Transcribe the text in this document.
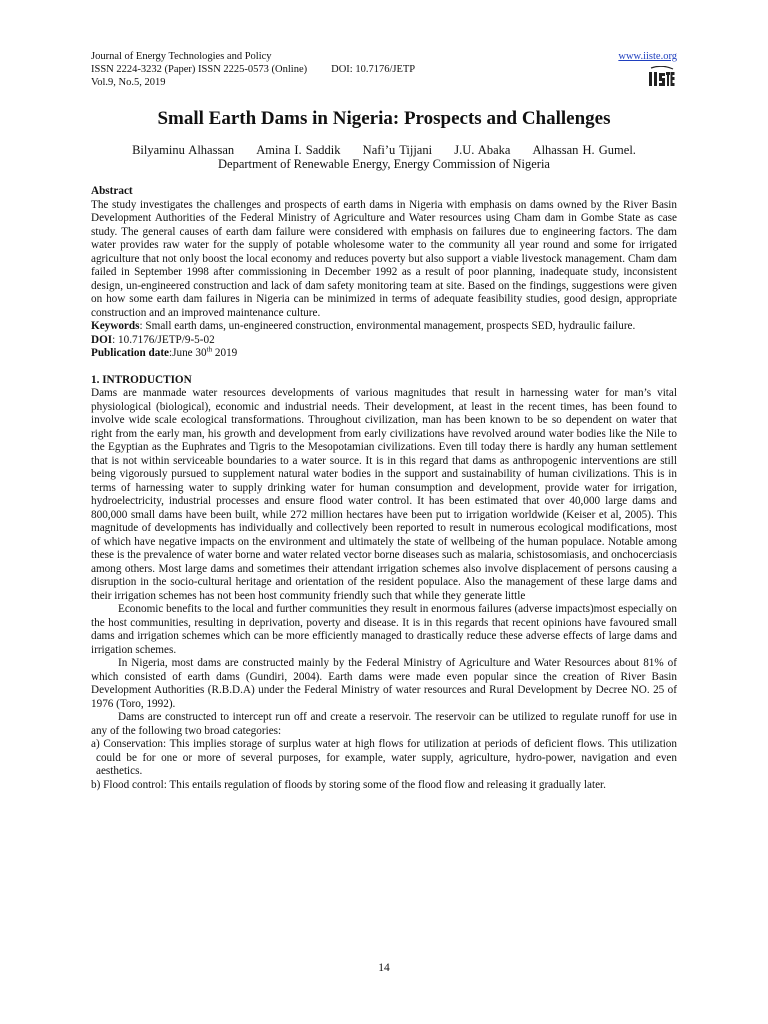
Journal of Energy Technologies and Policy
ISSN 2224-3232 (Paper) ISSN 2225-0573 (Online) DOI: 10.7176/JETP
Vol.9, No.5, 2019
www.iiste.org
Small Earth Dams in Nigeria: Prospects and Challenges
Bilyaminu Alhassan Amina I. Saddik Nafi’u Tijjani J.U. Abaka Alhassan H. Gumel.
Department of Renewable Energy, Energy Commission of Nigeria

Abstract

The study investigates the challenges and prospects of earth dams in Nigeria with emphasis on dams owned by the River Basin Development Authorities of the Federal Ministry of Agriculture and Water resources using Cham dam in Gombe State as case study. The general causes of earth dam failure were considered with emphasis on failures due to engineering factors. The dam water provides raw water for the supply of potable wholesome water to the community all year round and some for irrigated agriculture that not only boost the local economy and reduces poverty but also support a viable livestock management. Cham dam failed in September 1998 after commissioning in December 1992 as a result of poor planning, inadequate study, inconsistent design, un-engineered construction and lack of dam safety monitoring team at site. Based on the findings, suggestions were given on how some earth dam failures in Nigeria can be minimized in terms of adequate feasibility studies, good design, appropriate construction and an improved maintenance culture.

Keywords: Small earth dams, un-engineered construction, environmental management, prospects SED, hydraulic failure.

DOI: 10.7176/JETP/9-5-02

Publication date:June 30th 2019

1. INTRODUCTION

Dams are manmade water resources developments of various magnitudes that result in harnessing water for man’s vital physiological (biological), economic and industrial needs. Their development, at least in the recent times, has been found to involve wide scale ecological transformations. Throughout civilization, man has been known to be so dependent on water that right from the early man, his growth and development from early civilizations have revolved around water bodies like the Nile to the Egyptian as the Euphrates and Tigris to the Mesopotamian civilizations. Even till today there is hardly any human settlement that is not within serviceable boundaries to a water source. It is in this regard that dams as anthropogenic interventions are still being vigorously pursued to supplement natural water bodies in the support and sustainability of human civilizations. This is in terms of harnessing water to supply drinking water for human consumption and development, provide water for irrigation, hydroelectricity, industrial processes and ensure flood water control. It has been estimated that over 40,000 large dams and 800,000 small dams have been built, while 272 million hectares have been put to irrigation worldwide (Keiser et al, 2005). This magnitude of developments has individually and collectively been reported to result in numerous ecological modifications, most of which have negative impacts on the environment and ultimately the state of wellbeing of the human populace. Notable among these is the prevalence of water borne and water related vector borne diseases such as malaria, schistosomiasis, and onchocerciasis among others. Most large dams and sometimes their attendant irrigation schemes also involve displacement of persons causing a disruption in the socio-cultural heritage and orientation of the resident populace. Also the management of these large dams and their irrigation schemes has not been host community friendly such that while they generate little

Economic benefits to the local and further communities they result in enormous failures (adverse impacts)most especially on the host communities, resulting in deprivation, poverty and disease. It is in this regards that recent opinions have favoured small dams and irrigation schemes which can be more efficiently managed to drastically reduce these adverse effects of large dams and irrigation schemes.

In Nigeria, most dams are constructed mainly by the Federal Ministry of Agriculture and Water Resources about 81% of which consisted of earth dams (Gundiri, 2004). Earth dams were made even popular since the creation of River Basin Development Authorities (R.B.D.A) under the Federal Ministry of water resources and Rural Development by Decree NO. 25 of 1976 (Toro, 1992).

Dams are constructed to intercept run off and create a reservoir. The reservoir can be utilized to regulate runoff for use in any of the following two broad categories:

a) Conservation: This implies storage of surplus water at high flows for utilization at periods of deficient flows. This utilization could be for one or more of several purposes, for example, water supply, agriculture, hydro-power, navigation and even aesthetics.

b) Flood control: This entails regulation of floods by storing some of the flood flow and releasing it gradually later.

14
